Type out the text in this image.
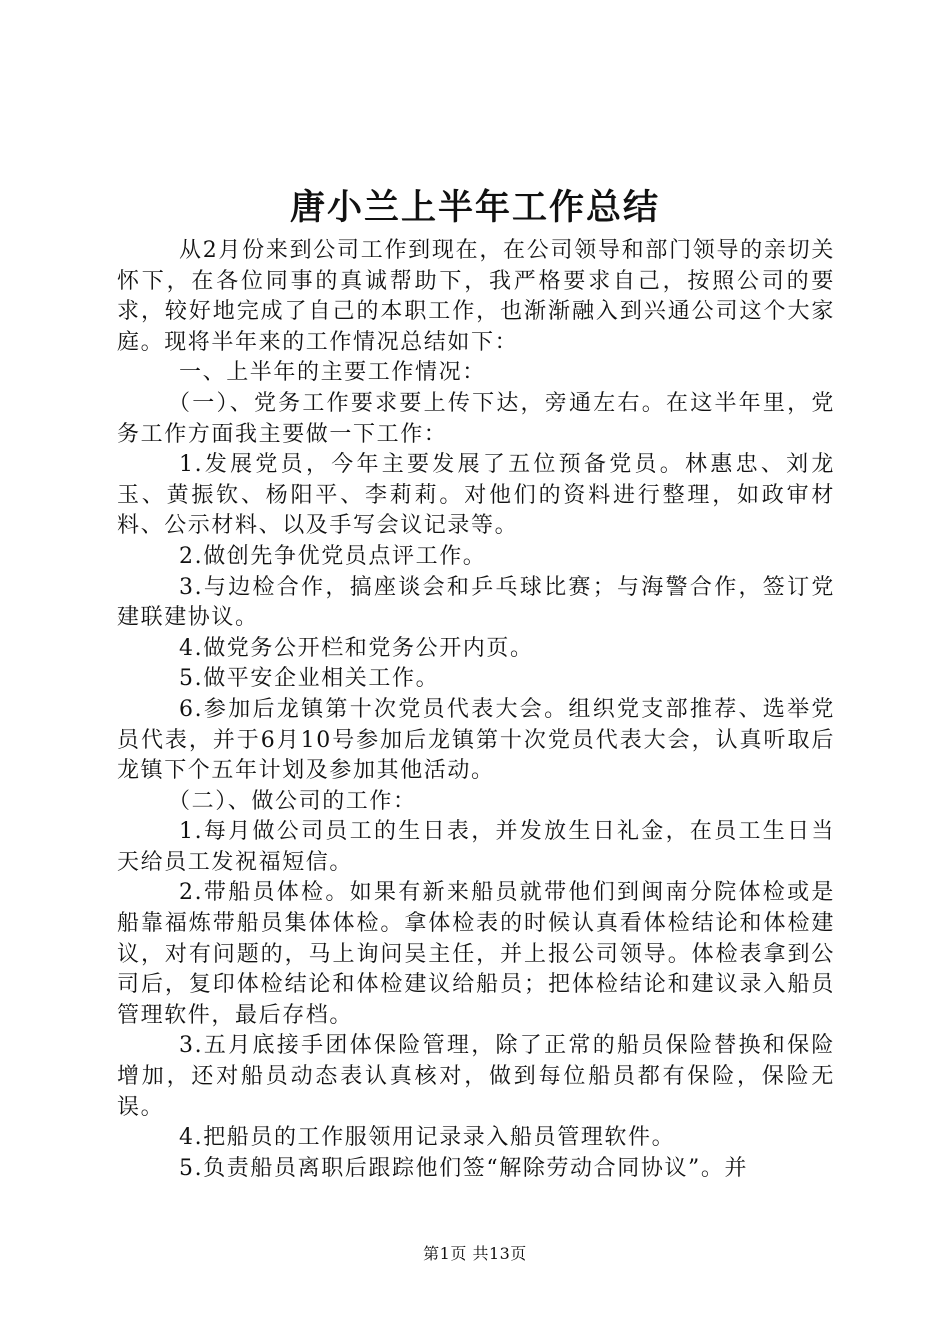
唐小兰上半年工作总结

从2月份来到公司工作到现在，在公司领导和部门领导的亲切关怀下，在各位同事的真诚帮助下，我严格要求自己，按照公司的要求，较好地完成了自己的本职工作，也渐渐融入到兴通公司这个大家庭。现将半年来的工作情况总结如下：

一、上半年的主要工作情况：

（一）、党务工作要求要上传下达，旁通左右。在这半年里，党务工作方面我主要做一下工作：

1.发展党员，今年主要发展了五位预备党员。林惠忠、刘龙玉、黄振钦、杨阳平、李莉莉。对他们的资料进行整理，如政审材料、公示材料、以及手写会议记录等。

2.做创先争优党员点评工作。

3.与边检合作，搞座谈会和乒乓球比赛；与海警合作，签订党建联建协议。

4.做党务公开栏和党务公开内页。

5.做平安企业相关工作。

6.参加后龙镇第十次党员代表大会。组织党支部推荐、选举党员代表，并于6月10号参加后龙镇第十次党员代表大会，认真听取后龙镇下个五年计划及参加其他活动。

（二）、做公司的工作：

1.每月做公司员工的生日表，并发放生日礼金，在员工生日当天给员工发祝福短信。

2.带船员体检。如果有新来船员就带他们到闽南分院体检或是船靠福炼带船员集体体检。拿体检表的时候认真看体检结论和体检建议，对有问题的，马上询问吴主任，并上报公司领导。体检表拿到公司后，复印体检结论和体检建议给船员；把体检结论和建议录入船员管理软件，最后存档。

3.五月底接手团体保险管理，除了正常的船员保险替换和保险增加，还对船员动态表认真核对，做到每位船员都有保险，保险无误。

4.把船员的工作服领用记录录入船员管理软件。

5.负责船员离职后跟踪他们签“解除劳动合同协议”。并

第1页 共13页
